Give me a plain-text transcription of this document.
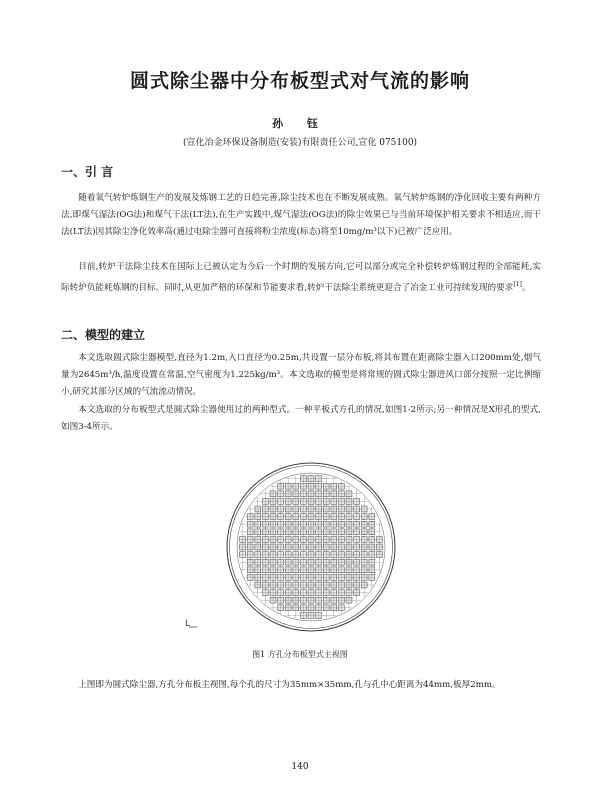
圆式除尘器中分布板型式对气流的影响
孙 钰
(宣化冶金环保设备制造(安装)有限责任公司,宣化 075100)
一、引 言

随着氧气转炉炼钢生产的发展及炼钢工艺的日趋完善,除尘技术也在不断发展成熟。氧气转炉炼钢的净化回收主要有两种方法,即煤气湿法(OG法)和煤气干法(LT法),在生产实践中,煤气湿法(OG法)的除尘效果已与当前环境保护相关要求不相适应,而干法(LT法)因其除尘净化效率高(通过电除尘器可直接将粉尘浓度(标态)将至10mg/m³以下)已被广泛应用。

目前,转炉干法除尘技术在国际上已被认定为今后一个时期的发展方向,它可以部分或完全补偿转炉炼钢过程的全部能耗,实际转炉负能耗炼钢的目标。同时,从更加严格的环保和节能要求看,转炉干法除尘系统更迎合了冶金工业可持续发现的要求[1]。

二、模型的建立

本文选取圆式除尘器模型,直径为1.2m,入口直径为0.25m,共设置一层分布板,将其布置在距离除尘器入口200mm处,烟气量为2645m³/h,温度设置在常温,空气密度为1.225kg/m³。本文选取的模型是将常规的圆式除尘器进风口部分按照一定比例缩小,研究其部分区域的气流流动情况。

本文选取的分布板型式是圆式除尘器使用过的两种型式。一种平板式方孔的情况,如图1-2所示;另一种情况是X形孔的型式,如图3-4所示。

L
图1 方孔分布板型式主视图

上图即为圆式除尘器,方孔分布板主视图,每个孔的尺寸为35mm×35mm,孔与孔中心距离为44mm,板厚2mm。

140
